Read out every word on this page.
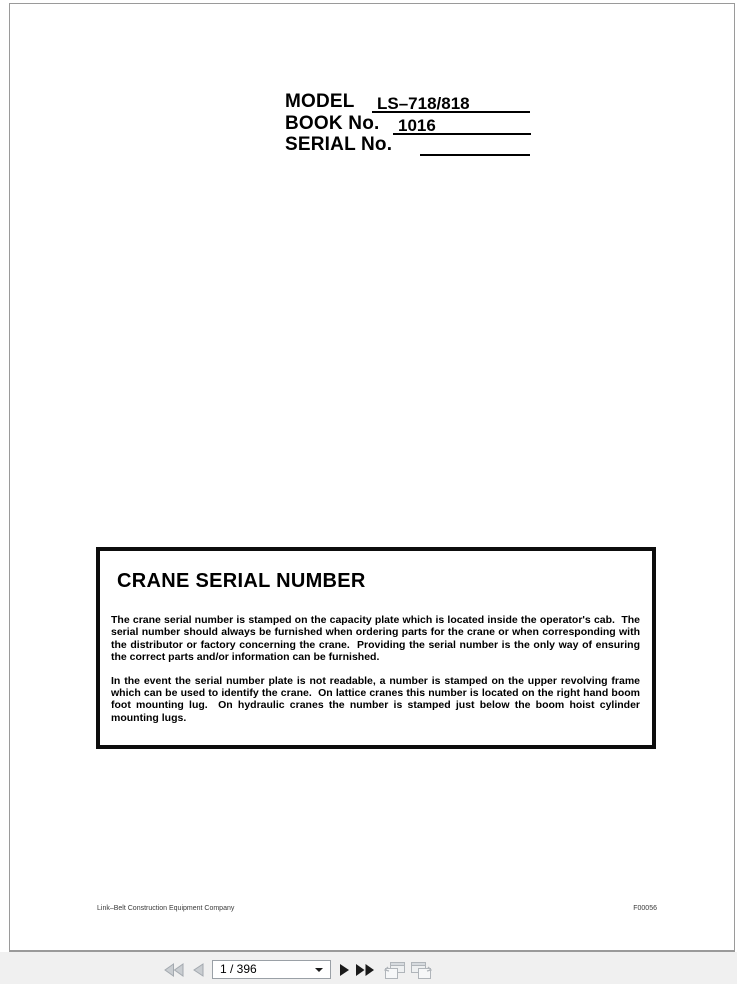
MODEL LS–718/818
BOOK No. 1016
SERIAL No.
CRANE SERIAL NUMBER

The crane serial number is stamped on the capacity plate which is located inside the operator's cab.  The serial number should always be furnished when ordering parts for the crane or when corresponding with the distributor or factory concerning the crane.  Providing the serial number is the only way of ensuring the correct parts and/or information can be furnished.

In the event the serial number plate is not readable, a number is stamped on the upper revolving frame which can be used to identify the crane.  On lattice cranes this number is located on the right hand boom foot mounting lug.  On hydraulic cranes the number is stamped just below the boom hoist cylinder mounting lugs.

Link–Belt Construction Equipment Company	F00056
1 / 396
